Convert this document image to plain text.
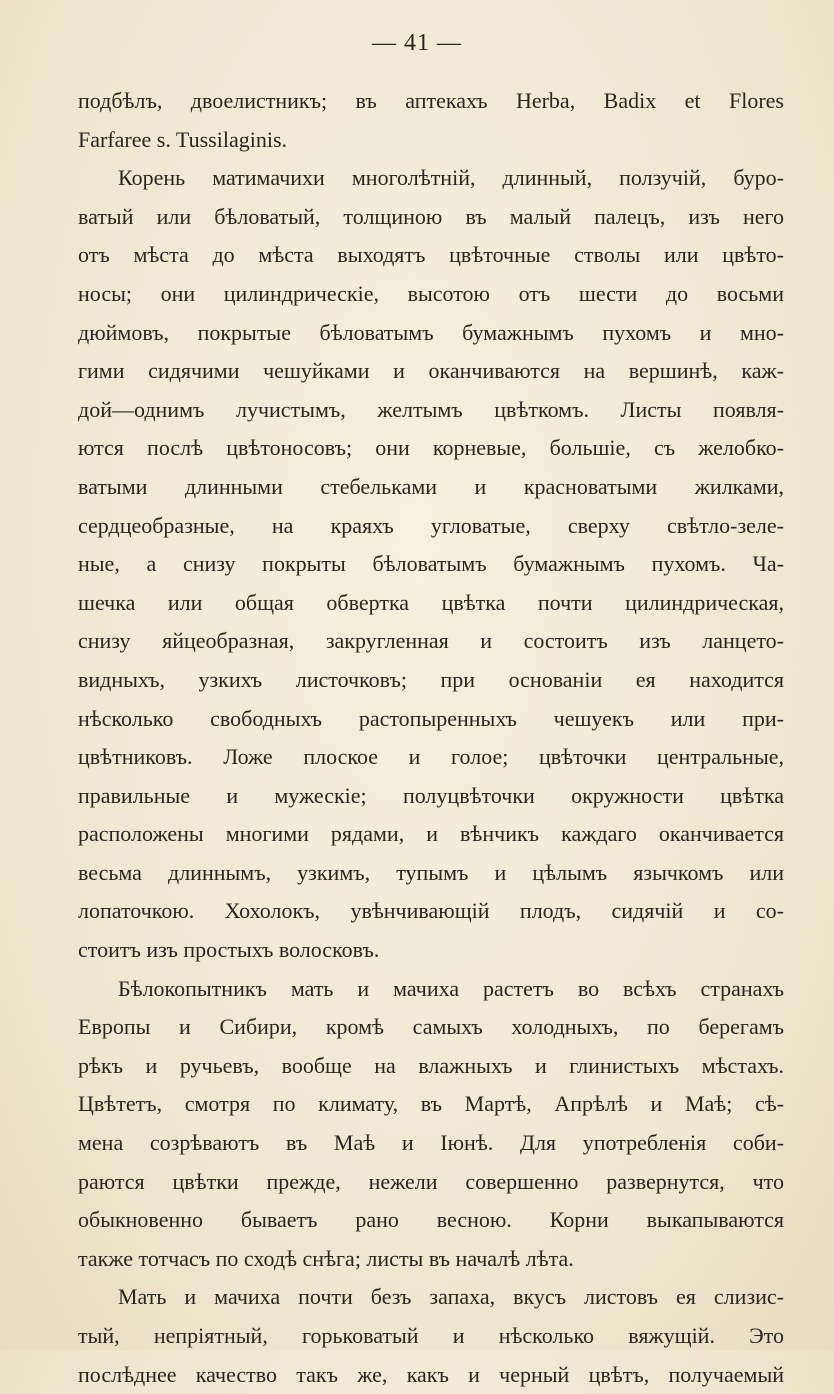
— 41 —
подбѣлъ, двоелистникъ; въ аптекахъ Herba, Badix et Flores
Farfaree s. Tussilaginis.
Корень матимачихи многолѣтній, длинный, ползучій, буро-
ватый или бѣловатый, толщиною въ малый палецъ, изъ него
отъ мѣста до мѣста выходятъ цвѣточные стволы или цвѣто-
носы; они цилиндрическіе, высотою отъ шести до восьми
дюймовъ, покрытые бѣловатымъ бумажнымъ пухомъ и мно-
гими сидячими чешуйками и оканчиваются на вершинѣ, каж-
дой—однимъ лучистымъ, желтымъ цвѣткомъ. Листы появля-
ются послѣ цвѣтоносовъ; они корневые, большіе, съ желобко-
ватыми длинными стебельками и красноватыми жилками,
сердцеобразные, на краяхъ угловатые, сверху свѣтло-зеле-
ные, а снизу покрыты бѣловатымъ бумажнымъ пухомъ. Ча-
шечка или общая обвертка цвѣтка почти цилиндрическая,
снизу яйцеобразная, закругленная и состоитъ изъ ланцето-
видныхъ, узкихъ листочковъ; при основаніи ея находится
нѣсколько свободныхъ растопыренныхъ чешуекъ или при-
цвѣтниковъ. Ложе плоское и голое; цвѣточки центральные,
правильные и мужескіе; полуцвѣточки окружности цвѣтка
расположены многими рядами, и вѣнчикъ каждаго оканчивается
весьма длиннымъ, узкимъ, тупымъ и цѣлымъ язычкомъ или
лопаточкою. Хохолокъ, увѣнчивающій плодъ, сидячій и со-
стоитъ изъ простыхъ волосковъ.
Бѣлокопытникъ мать и мачиха растетъ во всѣхъ странахъ
Европы и Сибири, кромѣ самыхъ холодныхъ, по берегамъ
рѣкъ и ручьевъ, вообще на влажныхъ и глинистыхъ мѣстахъ.
Цвѣтетъ, смотря по климату, въ Мартѣ, Апрѣлѣ и Маѣ; сѣ-
мена созрѣваютъ въ Маѣ и Іюнѣ. Для употребленія соби-
раются цвѣтки прежде, нежели совершенно развернутся, что
обыкновенно бываетъ рано весною. Корни выкапываются
также тотчасъ по сходѣ снѣга; листы въ началѣ лѣта.
Мать и мачиха почти безъ запаха, вкусъ листовъ ея слизис-
тый, непріятный, горьковатый и нѣсколько вяжущій. Это
послѣднее качество такъ же, какъ и черный цвѣтъ, получаемый
